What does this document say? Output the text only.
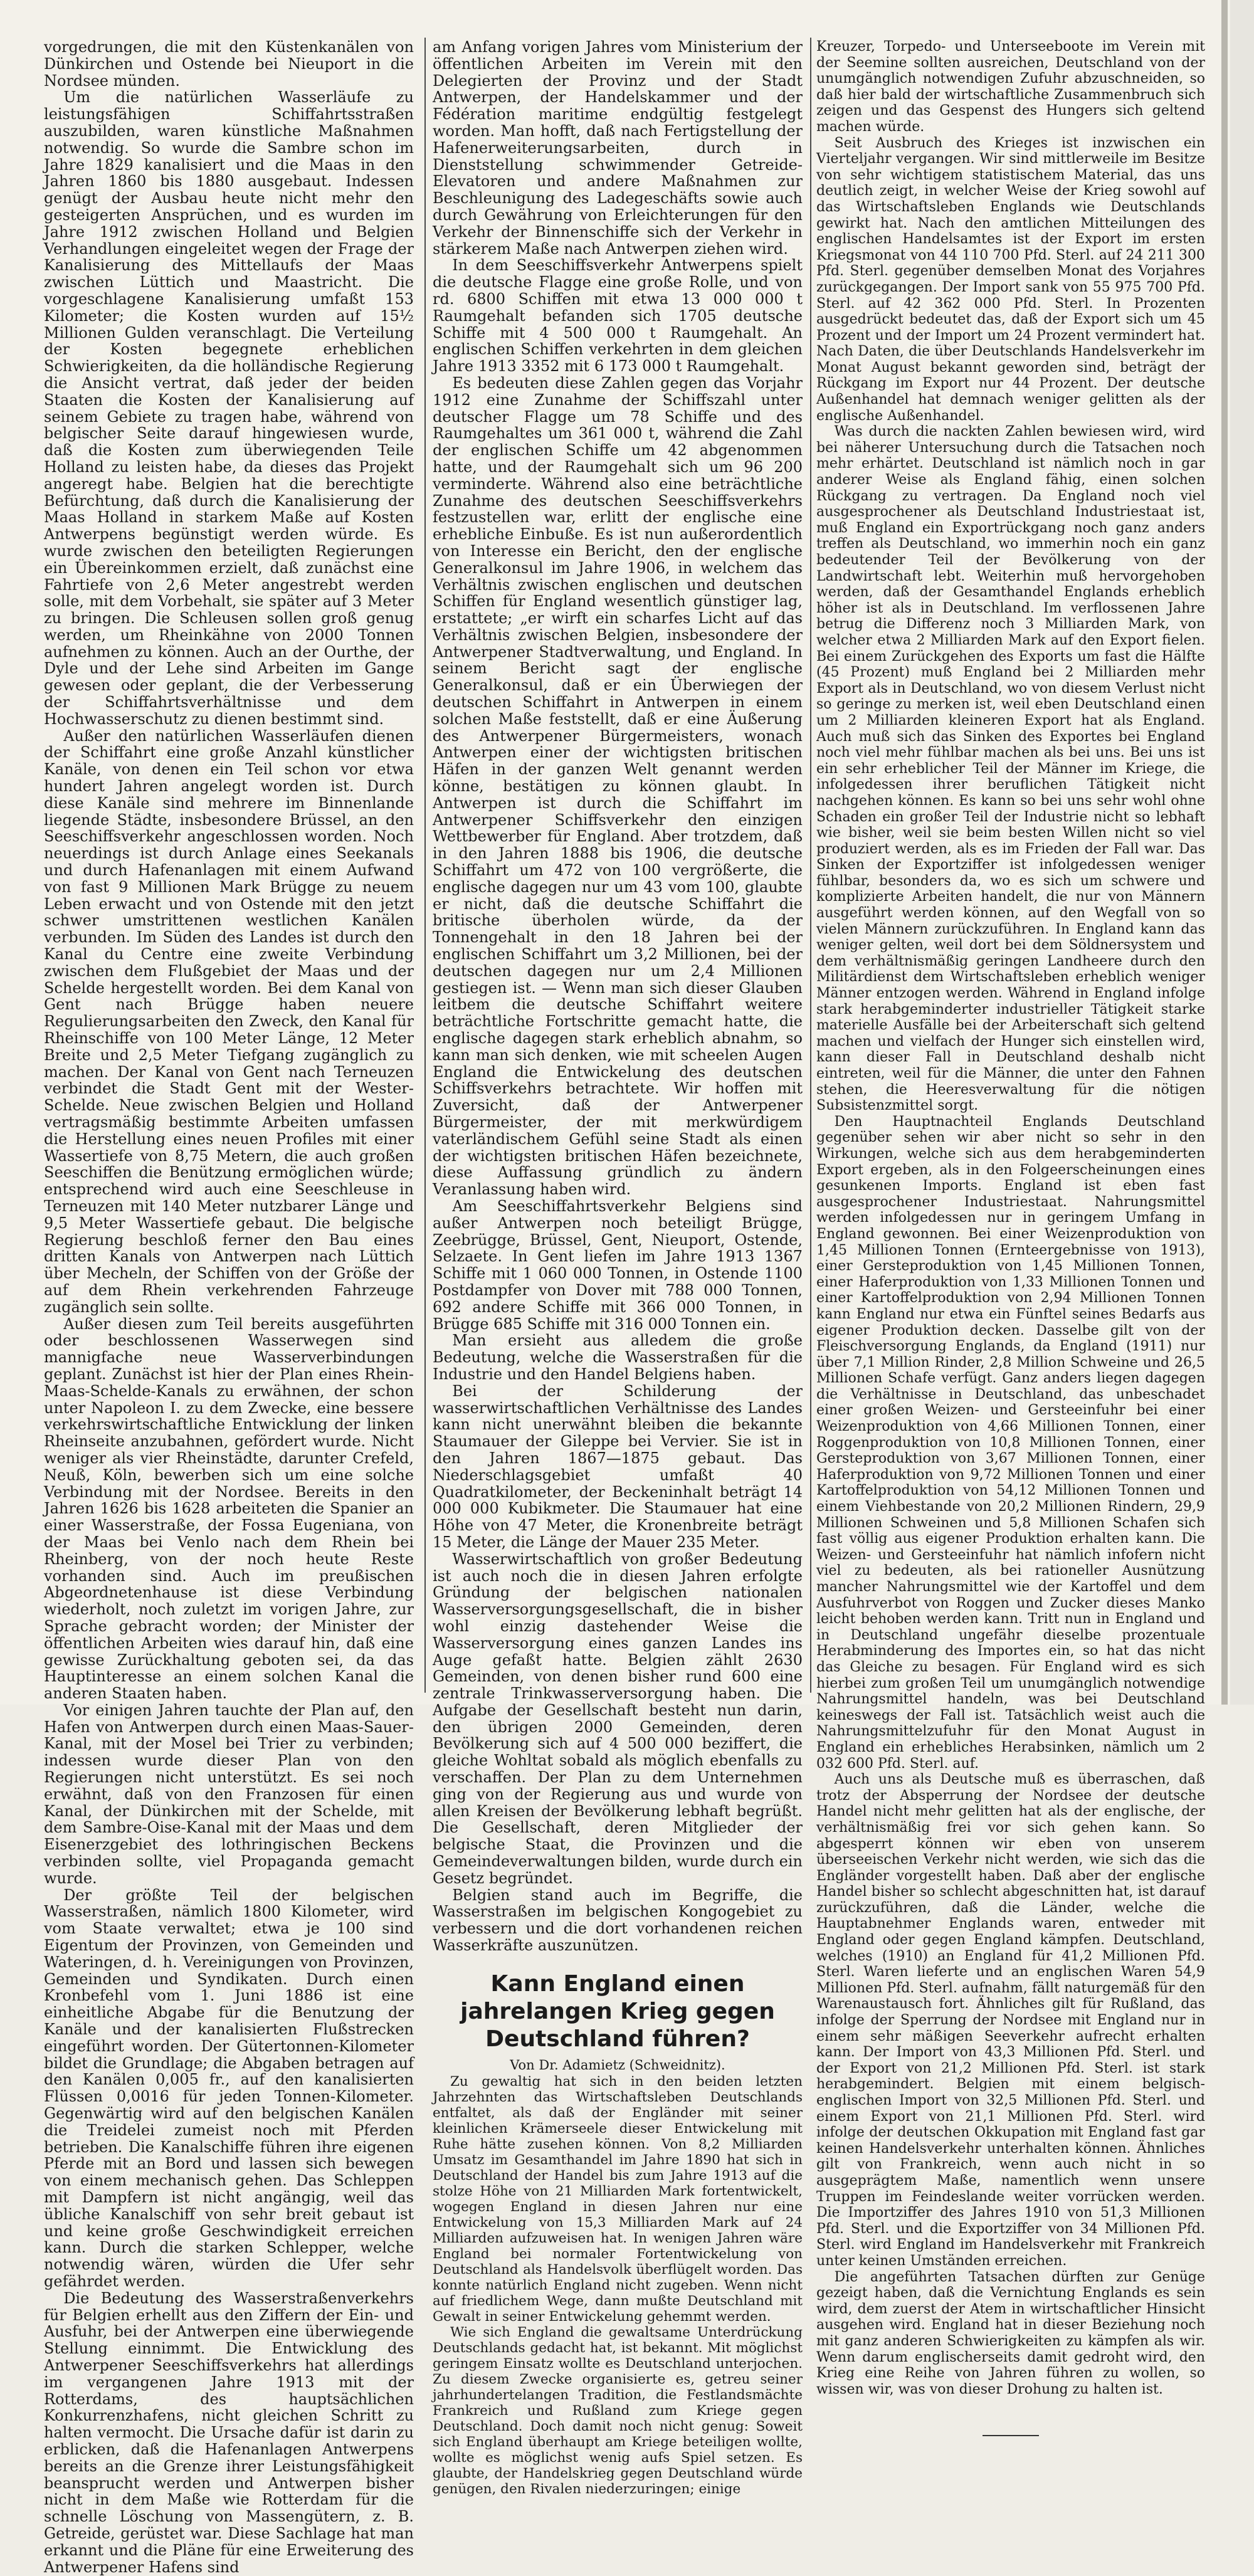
vorgedrungen, die mit den Küstenkanälen von Dünkirchen und Ostende bei Nieuport in die Nordsee münden.

Um die natürlichen Wasserläufe zu leistungsfähigen Schiffahrtsstraßen auszubilden, waren künstliche Maßnahmen notwendig. So wurde die Sambre schon im Jahre 1829 kanalisiert und die Maas in den Jahren 1860 bis 1880 ausgebaut. Indessen genügt der Ausbau heute nicht mehr den gesteigerten Ansprüchen, und es wurden im Jahre 1912 zwischen Holland und Belgien Verhandlungen eingeleitet wegen der Frage der Kanalisierung des Mittellaufs der Maas zwischen Lüttich und Maastricht. Die vorgeschlagene Kanalisierung umfaßt 153 Kilometer; die Kosten wurden auf 15½ Millionen Gulden veranschlagt. Die Verteilung der Kosten begegnete erheblichen Schwierigkeiten, da die holländische Regierung die Ansicht vertrat, daß jeder der beiden Staaten die Kosten der Kanalisierung auf seinem Gebiete zu tragen habe, während von belgischer Seite darauf hingewiesen wurde, daß die Kosten zum überwiegenden Teile Holland zu leisten habe, da dieses das Projekt angeregt habe. Belgien hat die berechtigte Befürchtung, daß durch die Kanalisierung der Maas Holland in starkem Maße auf Kosten Antwerpens begünstigt werden würde. Es wurde zwischen den beteiligten Regierungen ein Übereinkommen erzielt, daß zunächst eine Fahrtiefe von 2,6 Meter angestrebt werden solle, mit dem Vorbehalt, sie später auf 3 Meter zu bringen. Die Schleusen sollen groß genug werden, um Rheinkähne von 2000 Tonnen aufnehmen zu können. Auch an der Ourthe, der Dyle und der Lehe sind Arbeiten im Gange gewesen oder geplant, die der Verbesserung der Schiffahrtsverhältnisse und dem Hochwasserschutz zu dienen bestimmt sind.

Außer den natürlichen Wasserläufen dienen der Schiffahrt eine große Anzahl künstlicher Kanäle, von denen ein Teil schon vor etwa hundert Jahren angelegt worden ist. Durch diese Kanäle sind mehrere im Binnenlande liegende Städte, insbesondere Brüssel, an den Seeschiffsverkehr angeschlossen worden. Noch neuerdings ist durch Anlage eines Seekanals und durch Hafenanlagen mit einem Aufwand von fast 9 Millionen Mark Brügge zu neuem Leben erwacht und von Ostende mit den jetzt schwer umstrittenen westlichen Kanälen verbunden. Im Süden des Landes ist durch den Kanal du Centre eine zweite Verbindung zwischen dem Flußgebiet der Maas und der Schelde hergestellt worden. Bei dem Kanal von Gent nach Brügge haben neuere Regulierungsarbeiten den Zweck, den Kanal für Rheinschiffe von 100 Meter Länge, 12 Meter Breite und 2,5 Meter Tiefgang zugänglich zu machen. Der Kanal von Gent nach Terneuzen verbindet die Stadt Gent mit der Wester-Schelde. Neue zwischen Belgien und Holland vertragsmäßig bestimmte Arbeiten umfassen die Herstellung eines neuen Profiles mit einer Wassertiefe von 8,75 Metern, die auch großen Seeschiffen die Benützung ermöglichen würde; entsprechend wird auch eine Seeschleuse in Terneuzen mit 140 Meter nutzbarer Länge und 9,5 Meter Wassertiefe gebaut. Die belgische Regierung beschloß ferner den Bau eines dritten Kanals von Antwerpen nach Lüttich über Mecheln, der Schiffen von der Größe der auf dem Rhein verkehrenden Fahrzeuge zugänglich sein sollte.

Außer diesen zum Teil bereits ausgeführten oder beschlossenen Wasserwegen sind mannigfache neue Wasserverbindungen geplant. Zunächst ist hier der Plan eines Rhein-Maas-Schelde-Kanals zu erwähnen, der schon unter Napoleon I. zu dem Zwecke, eine bessere verkehrswirtschaftliche Entwicklung der linken Rheinseite anzubahnen, gefördert wurde. Nicht weniger als vier Rheinstädte, darunter Crefeld, Neuß, Köln, bewerben sich um eine solche Verbindung mit der Nordsee. Bereits in den Jahren 1626 bis 1628 arbeiteten die Spanier an einer Wasserstraße, der Fossa Eugeniana, von der Maas bei Venlo nach dem Rhein bei Rheinberg, von der noch heute Reste vorhanden sind. Auch im preußischen Abgeordnetenhause ist diese Verbindung wiederholt, noch zuletzt im vorigen Jahre, zur Sprache gebracht worden; der Minister der öffentlichen Arbeiten wies darauf hin, daß eine gewisse Zurückhaltung geboten sei, da das Hauptinteresse an einem solchen Kanal die anderen Staaten haben.

Vor einigen Jahren tauchte der Plan auf, den Hafen von Antwerpen durch einen Maas-Sauer-Kanal, mit der Mosel bei Trier zu verbinden; indessen wurde dieser Plan von den Regierungen nicht unterstützt. Es sei noch erwähnt, daß von den Franzosen für einen Kanal, der Dünkirchen mit der Schelde, mit dem Sambre-Oise-Kanal mit der Maas und dem Eisenerzgebiet des lothringischen Beckens verbinden sollte, viel Propaganda gemacht wurde.

Der größte Teil der belgischen Wasserstraßen, nämlich 1800 Kilometer, wird vom Staate verwaltet; etwa je 100 sind Eigentum der Provinzen, von Gemeinden und Wateringen, d. h. Vereinigungen von Provinzen, Gemeinden und Syndikaten. Durch einen Kronbefehl vom 1. Juni 1886 ist eine einheitliche Abgabe für die Benutzung der Kanäle und der kanalisierten Flußstrecken eingeführt worden. Der Gütertonnen-Kilometer bildet die Grundlage; die Abgaben betragen auf den Kanälen 0,005 fr., auf den kanalisierten Flüssen 0,0016 für jeden Tonnen-Kilometer. Gegenwärtig wird auf den belgischen Kanälen die Treidelei zumeist noch mit Pferden betrieben. Die Kanalschiffe führen ihre eigenen Pferde mit an Bord und lassen sich bewegen von einem mechanisch gehen. Das Schleppen mit Dampfern ist nicht angängig, weil das übliche Kanalschiff von sehr breit gebaut ist und keine große Geschwindigkeit erreichen kann. Durch die starken Schlepper, welche notwendig wären, würden die Ufer sehr gefährdet werden.

Die Bedeutung des Wasserstraßenverkehrs für Belgien erhellt aus den Ziffern der Ein- und Ausfuhr, bei der Antwerpen eine überwiegende Stellung einnimmt. Die Entwicklung des Antwerpener Seeschiffsverkehrs hat allerdings im vergangenen Jahre 1913 mit der Rotterdams, des hauptsächlichen Konkurrenzhafens, nicht gleichen Schritt zu halten vermocht. Die Ursache dafür ist darin zu erblicken, daß die Hafenanlagen Antwerpens bereits an die Grenze ihrer Leistungsfähigkeit beansprucht werden und Antwerpen bisher nicht in dem Maße wie Rotterdam für die schnelle Löschung von Massengütern, z. B. Getreide, gerüstet war. Diese Sachlage hat man erkannt und die Pläne für eine Erweiterung des Antwerpener Hafens sind

am Anfang vorigen Jahres vom Ministerium der öffentlichen Arbeiten im Verein mit den Delegierten der Provinz und der Stadt Antwerpen, der Handelskammer und der Fédération maritime endgültig festgelegt worden. Man hofft, daß nach Fertigstellung der Hafenerweiterungsarbeiten, durch in Dienststellung schwimmender Getreide-Elevatoren und andere Maßnahmen zur Beschleunigung des Ladegeschäfts sowie auch durch Gewährung von Erleichterungen für den Verkehr der Binnenschiffe sich der Verkehr in stärkerem Maße nach Antwerpen ziehen wird.

In dem Seeschiffsverkehr Antwerpens spielt die deutsche Flagge eine große Rolle, und von rd. 6800 Schiffen mit etwa 13 000 000 t Raumgehalt befanden sich 1705 deutsche Schiffe mit 4 500 000 t Raumgehalt. An englischen Schiffen verkehrten in dem gleichen Jahre 1913 3352 mit 6 173 000 t Raumgehalt.

Es bedeuten diese Zahlen gegen das Vorjahr 1912 eine Zunahme der Schiffszahl unter deutscher Flagge um 78 Schiffe und des Raumgehaltes um 361 000 t, während die Zahl der englischen Schiffe um 42 abgenommen hatte, und der Raumgehalt sich um 96 200 verminderte. Während also eine beträchtliche Zunahme des deutschen Seeschiffsverkehrs festzustellen war, erlitt der englische eine erhebliche Einbuße. Es ist nun außerordentlich von Interesse ein Bericht, den der englische Generalkonsul im Jahre 1906, in welchem das Verhältnis zwischen englischen und deutschen Schiffen für England wesentlich günstiger lag, erstattete; „er wirft ein scharfes Licht auf das Verhältnis zwischen Belgien, insbesondere der Antwerpener Stadtverwaltung, und England. In seinem Bericht sagt der englische Generalkonsul, daß er ein Überwiegen der deutschen Schiffahrt in Antwerpen in einem solchen Maße feststellt, daß er eine Äußerung des Antwerpener Bürgermeisters, wonach Antwerpen einer der wichtigsten britischen Häfen in der ganzen Welt genannt werden könne, bestätigen zu können glaubt. In Antwerpen ist durch die Schiffahrt im Antwerpener Schiffsverkehr den einzigen Wettbewerber für England. Aber trotzdem, daß in den Jahren 1888 bis 1906, die deutsche Schiffahrt um 472 von 100 vergrößerte, die englische dagegen nur um 43 vom 100, glaubte er nicht, daß die deutsche Schiffahrt die britische überholen würde, da der Tonnengehalt in den 18 Jahren bei der englischen Schiffahrt um 3,2 Millionen, bei der deutschen dagegen nur um 2,4 Millionen gestiegen ist. — Wenn man sich dieser Glauben leitbem die deutsche Schiffahrt weitere beträchtliche Fortschritte gemacht hatte, die englische dagegen stark erheblich abnahm, so kann man sich denken, wie mit scheelen Augen England die Entwickelung des deutschen Schiffsverkehrs betrachtete. Wir hoffen mit Zuversicht, daß der Antwerpener Bürgermeister, der mit merkwürdigem vaterländischem Gefühl seine Stadt als einen der wichtigsten britischen Häfen bezeichnete, diese Auffassung gründlich zu ändern Veranlassung haben wird.

Am Seeschiffahrtsverkehr Belgiens sind außer Antwerpen noch beteiligt Brügge, Zeebrügge, Brüssel, Gent, Nieuport, Ostende, Selzaete. In Gent liefen im Jahre 1913 1367 Schiffe mit 1 060 000 Tonnen, in Ostende 1100 Postdampfer von Dover mit 788 000 Tonnen, 692 andere Schiffe mit 366 000 Tonnen, in Brügge 685 Schiffe mit 316 000 Tonnen ein.

Man ersieht aus alledem die große Bedeutung, welche die Wasserstraßen für die Industrie und den Handel Belgiens haben.

Bei der Schilderung der wasserwirtschaftlichen Verhältnisse des Landes kann nicht unerwähnt bleiben die bekannte Staumauer der Gileppe bei Vervier. Sie ist in den Jahren 1867—1875 gebaut. Das Niederschlagsgebiet umfaßt 40 Quadratkilometer, der Beckeninhalt beträgt 14 000 000 Kubikmeter. Die Staumauer hat eine Höhe von 47 Meter, die Kronenbreite beträgt 15 Meter, die Länge der Mauer 235 Meter.

Wasserwirtschaftlich von großer Bedeutung ist auch noch die in diesen Jahren erfolgte Gründung der belgischen nationalen Wasserversorgungsgesellschaft, die in bisher wohl einzig dastehender Weise die Wasserversorgung eines ganzen Landes ins Auge gefaßt hatte. Belgien zählt 2630 Gemeinden, von denen bisher rund 600 eine zentrale Trinkwasserversorgung haben. Die Aufgabe der Gesellschaft besteht nun darin, den übrigen 2000 Gemeinden, deren Bevölkerung sich auf 4 500 000 beziffert, die gleiche Wohltat sobald als möglich ebenfalls zu verschaffen. Der Plan zu dem Unternehmen ging von der Regierung aus und wurde von allen Kreisen der Bevölkerung lebhaft begrüßt. Die Gesellschaft, deren Mitglieder der belgische Staat, die Provinzen und die Gemeindeverwaltungen bilden, wurde durch ein Gesetz begründet.

Belgien stand auch im Begriffe, die Wasserstraßen im belgischen Kongogebiet zu verbessern und die dort vorhandenen reichen Wasserkräfte auszunützen.

Kann England einen jahrelangen Krieg gegen Deutschland führen?

Von Dr. Adamietz (Schweidnitz).

Zu gewaltig hat sich in den beiden letzten Jahrzehnten das Wirtschaftsleben Deutschlands entfaltet, als daß der Engländer mit seiner kleinlichen Krämerseele dieser Entwickelung mit Ruhe hätte zusehen können. Von 8,2 Milliarden Umsatz im Gesamthandel im Jahre 1890 hat sich in Deutschland der Handel bis zum Jahre 1913 auf die stolze Höhe von 21 Milliarden Mark fortentwickelt, wogegen England in diesen Jahren nur eine Entwickelung von 15,3 Milliarden Mark auf 24 Milliarden aufzuweisen hat. In wenigen Jahren wäre England bei normaler Fortentwickelung von Deutschland als Handelsvolk überflügelt worden. Das konnte natürlich England nicht zugeben. Wenn nicht auf friedlichem Wege, dann mußte Deutschland mit Gewalt in seiner Entwickelung gehemmt werden.

Wie sich England die gewaltsame Unterdrückung Deutschlands gedacht hat, ist bekannt. Mit möglichst geringem Einsatz wollte es Deutschland unterjochen. Zu diesem Zwecke organisierte es, getreu seiner jahrhundertelangen Tradition, die Festlandsmächte Frankreich und Rußland zum Kriege gegen Deutschland. Doch damit noch nicht genug: Soweit sich England überhaupt am Kriege beteiligen wollte, wollte es möglichst wenig aufs Spiel setzen. Es glaubte, der Handelskrieg gegen Deutschland würde genügen, den Rivalen niederzuringen; einige

Kreuzer, Torpedo- und Unterseeboote im Verein mit der Seemine sollten ausreichen, Deutschland von der unumgänglich notwendigen Zufuhr abzuschneiden, so daß hier bald der wirtschaftliche Zusammenbruch sich zeigen und das Gespenst des Hungers sich geltend machen würde.

Seit Ausbruch des Krieges ist inzwischen ein Vierteljahr vergangen. Wir sind mittlerweile im Besitze von sehr wichtigem statistischem Material, das uns deutlich zeigt, in welcher Weise der Krieg sowohl auf das Wirtschaftsleben Englands wie Deutschlands gewirkt hat. Nach den amtlichen Mitteilungen des englischen Handelsamtes ist der Export im ersten Kriegsmonat von 44 110 700 Pfd. Sterl. auf 24 211 300 Pfd. Sterl. gegenüber demselben Monat des Vorjahres zurückgegangen. Der Import sank von 55 975 700 Pfd. Sterl. auf 42 362 000 Pfd. Sterl. In Prozenten ausgedrückt bedeutet das, daß der Export sich um 45 Prozent und der Import um 24 Prozent vermindert hat. Nach Daten, die über Deutschlands Handelsverkehr im Monat August bekannt geworden sind, beträgt der Rückgang im Export nur 44 Prozent. Der deutsche Außenhandel hat demnach weniger gelitten als der englische Außenhandel.

Was durch die nackten Zahlen bewiesen wird, wird bei näherer Untersuchung durch die Tatsachen noch mehr erhärtet. Deutschland ist nämlich noch in gar anderer Weise als England fähig, einen solchen Rückgang zu vertragen. Da England noch viel ausgesprochener als Deutschland Industriestaat ist, muß England ein Exportrückgang noch ganz anders treffen als Deutschland, wo immerhin noch ein ganz bedeutender Teil der Bevölkerung von der Landwirtschaft lebt. Weiterhin muß hervorgehoben werden, daß der Gesamthandel Englands erheblich höher ist als in Deutschland. Im verflossenen Jahre betrug die Differenz noch 3 Milliarden Mark, von welcher etwa 2 Milliarden Mark auf den Export fielen. Bei einem Zurückgehen des Exports um fast die Hälfte (45 Prozent) muß England bei 2 Milliarden mehr Export als in Deutschland, wo von diesem Verlust nicht so geringe zu merken ist, weil eben Deutschland einen um 2 Milliarden kleineren Export hat als England. Auch muß sich das Sinken des Exportes bei England noch viel mehr fühlbar machen als bei uns. Bei uns ist ein sehr erheblicher Teil der Männer im Kriege, die infolgedessen ihrer beruflichen Tätigkeit nicht nachgehen können. Es kann so bei uns sehr wohl ohne Schaden ein großer Teil der Industrie nicht so lebhaft wie bisher, weil sie beim besten Willen nicht so viel produziert werden, als es im Frieden der Fall war. Das Sinken der Exportziffer ist infolgedessen weniger fühlbar, besonders da, wo es sich um schwere und komplizierte Arbeiten handelt, die nur von Männern ausgeführt werden können, auf den Wegfall von so vielen Männern zurückzuführen. In England kann das weniger gelten, weil dort bei dem Söldnersystem und dem verhältnismäßig geringen Landheere durch den Militärdienst dem Wirtschaftsleben erheblich weniger Männer entzogen werden. Während in England infolge stark herabgeminderter industrieller Tätigkeit starke materielle Ausfälle bei der Arbeiterschaft sich geltend machen und vielfach der Hunger sich einstellen wird, kann dieser Fall in Deutschland deshalb nicht eintreten, weil für die Männer, die unter den Fahnen stehen, die Heeresverwaltung für die nötigen Subsistenzmittel sorgt.

Den Hauptnachteil Englands Deutschland gegenüber sehen wir aber nicht so sehr in den Wirkungen, welche sich aus dem herabgeminderten Export ergeben, als in den Folgeerscheinungen eines gesunkenen Imports. England ist eben fast ausgesprochener Industriestaat. Nahrungsmittel werden infolgedessen nur in geringem Umfang in England gewonnen. Bei einer Weizenproduktion von 1,45 Millionen Tonnen (Ernteergebnisse von 1913), einer Gersteproduktion von 1,45 Millionen Tonnen, einer Haferproduktion von 1,33 Millionen Tonnen und einer Kartoffelproduktion von 2,94 Millionen Tonnen kann England nur etwa ein Fünftel seines Bedarfs aus eigener Produktion decken. Dasselbe gilt von der Fleischversorgung Englands, da England (1911) nur über 7,1 Million Rinder, 2,8 Million Schweine und 26,5 Millionen Schafe verfügt. Ganz anders liegen dagegen die Verhältnisse in Deutschland, das unbeschadet einer großen Weizen- und Gersteeinfuhr bei einer Weizenproduktion von 4,66 Millionen Tonnen, einer Roggenproduktion von 10,8 Millionen Tonnen, einer Gersteproduktion von 3,67 Millionen Tonnen, einer Haferproduktion von 9,72 Millionen Tonnen und einer Kartoffelproduktion von 54,12 Millionen Tonnen und einem Viehbestande von 20,2 Millionen Rindern, 29,9 Millionen Schweinen und 5,8 Millionen Schafen sich fast völlig aus eigener Produktion erhalten kann. Die Weizen- und Gersteeinfuhr hat nämlich infofern nicht viel zu bedeuten, als bei rationeller Ausnützung mancher Nahrungsmittel wie der Kartoffel und dem Ausfuhrverbot von Roggen und Zucker dieses Manko leicht behoben werden kann. Tritt nun in England und in Deutschland ungefähr dieselbe prozentuale Herabminderung des Importes ein, so hat das nicht das Gleiche zu besagen. Für England wird es sich hierbei zum großen Teil um unumgänglich notwendige Nahrungsmittel handeln, was bei Deutschland keineswegs der Fall ist. Tatsächlich weist auch die Nahrungsmittelzufuhr für den Monat August in England ein erhebliches Herabsinken, nämlich um 2 032 600 Pfd. Sterl. auf.

Auch uns als Deutsche muß es überraschen, daß trotz der Absperrung der Nordsee der deutsche Handel nicht mehr gelitten hat als der englische, der verhältnismäßig frei vor sich gehen kann. So abgesperrt können wir eben von unserem überseeischen Verkehr nicht werden, wie sich das die Engländer vorgestellt haben. Daß aber der englische Handel bisher so schlecht abgeschnitten hat, ist darauf zurückzuführen, daß die Länder, welche die Hauptabnehmer Englands waren, entweder mit England oder gegen England kämpfen. Deutschland, welches (1910) an England für 41,2 Millionen Pfd. Sterl. Waren lieferte und an englischen Waren 54,9 Millionen Pfd. Sterl. aufnahm, fällt naturgemäß für den Warenaustausch fort. Ähnliches gilt für Rußland, das infolge der Sperrung der Nordsee mit England nur in einem sehr mäßigen Seeverkehr aufrecht erhalten kann. Der Import von 43,3 Millionen Pfd. Sterl. und der Export von 21,2 Millionen Pfd. Sterl. ist stark herabgemindert. Belgien mit einem belgisch-englischen Import von 32,5 Millionen Pfd. Sterl. und einem Export von 21,1 Millionen Pfd. Sterl. wird infolge der deutschen Okkupation mit England fast gar keinen Handelsverkehr unterhalten können. Ähnliches gilt von Frankreich, wenn auch nicht in so ausgeprägtem Maße, namentlich wenn unsere Truppen im Feindeslande weiter vorrücken werden. Die Importziffer des Jahres 1910 von 51,3 Millionen Pfd. Sterl. und die Exportziffer von 34 Millionen Pfd. Sterl. wird England im Handelsverkehr mit Frankreich unter keinen Umständen erreichen.

Die angeführten Tatsachen dürften zur Genüge gezeigt haben, daß die Vernichtung Englands es sein wird, dem zuerst der Atem in wirtschaftlicher Hinsicht ausgehen wird. England hat in dieser Beziehung noch mit ganz anderen Schwierigkeiten zu kämpfen als wir. Wenn darum englischerseits damit gedroht wird, den Krieg eine Reihe von Jahren führen zu wollen, so wissen wir, was von dieser Drohung zu halten ist.
